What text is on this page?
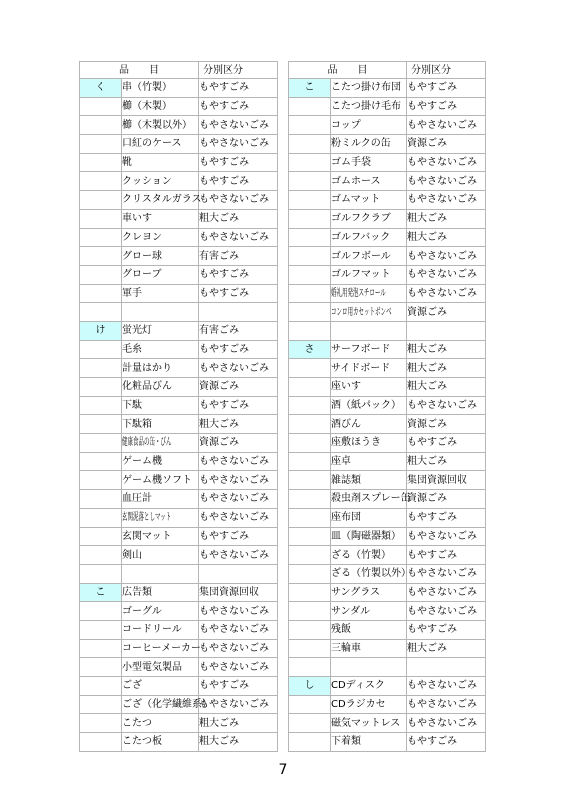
品　　目		分別区分
く	串（竹製）	もやすごみ
	櫛（木製）	もやすごみ
	櫛（木製以外）	もやさないごみ
	口紅のケース	もやさないごみ
	靴	もやすごみ
	クッション	もやすごみ
	クリスタルガラス	もやさないごみ
	車いす	粗大ごみ
	クレヨン	もやさないごみ
	グロー球	有害ごみ
	グローブ	もやすごみ
	軍手	もやすごみ

け	蛍光灯	有害ごみ
	毛糸	もやすごみ
	計量はかり	もやさないごみ
	化粧品びん	資源ごみ
	下駄	もやすごみ
	下駄箱	粗大ごみ
	健康食品の缶・びん	資源ごみ
	ゲーム機	もやさないごみ
	ゲーム機ソフト	もやさないごみ
	血圧計	もやさないごみ
	玄関泥落としマット	もやさないごみ
	玄関マット	もやすごみ
	剣山	もやさないごみ

こ	広告類	集団資源回収
	ゴーグル	もやさないごみ
	コードリール	もやさないごみ
	コーヒーメーカー	もやさないごみ
	小型電気製品	もやさないごみ
	ござ	もやすごみ
	ござ（化学繊維系）	もやさないごみ
	こたつ	粗大ごみ
	こたつ板	粗大ごみ
品　　目		分別区分
こ	こたつ掛け布団	もやすごみ
	こたつ掛け毛布	もやすごみ
	コップ	もやさないごみ
	粉ミルクの缶	資源ごみ
	ゴム手袋	もやさないごみ
	ゴムホース	もやさないごみ
	ゴムマット	もやさないごみ
	ゴルフクラブ	粗大ごみ
	ゴルフバック	粗大ごみ
	ゴルフボール	もやさないごみ
	ゴルフマット	もやさないごみ
	婚礼用発泡スチロール	もやさないごみ
	コンロ用カセットボンベ	資源ごみ

さ	サーフボード	粗大ごみ
	サイドボード	粗大ごみ
	座いす	粗大ごみ
	酒（紙パック）	もやさないごみ
	酒びん	資源ごみ
	座敷ほうき	もやすごみ
	座卓	粗大ごみ
	雑誌類	集団資源回収
	殺虫剤スプレー缶	資源ごみ
	座布団	もやすごみ
	皿（陶磁器類）	もやさないごみ
	ざる（竹製）	もやすごみ
	ざる（竹製以外）	もやさないごみ
	サングラス	もやさないごみ
	サンダル	もやさないごみ
	残飯	もやすごみ
	三輪車	粗大ごみ

し	CDディスク	もやさないごみ
	CDラジカセ	もやさないごみ
	磁気マットレス	もやさないごみ
	下着類	もやすごみ
7
